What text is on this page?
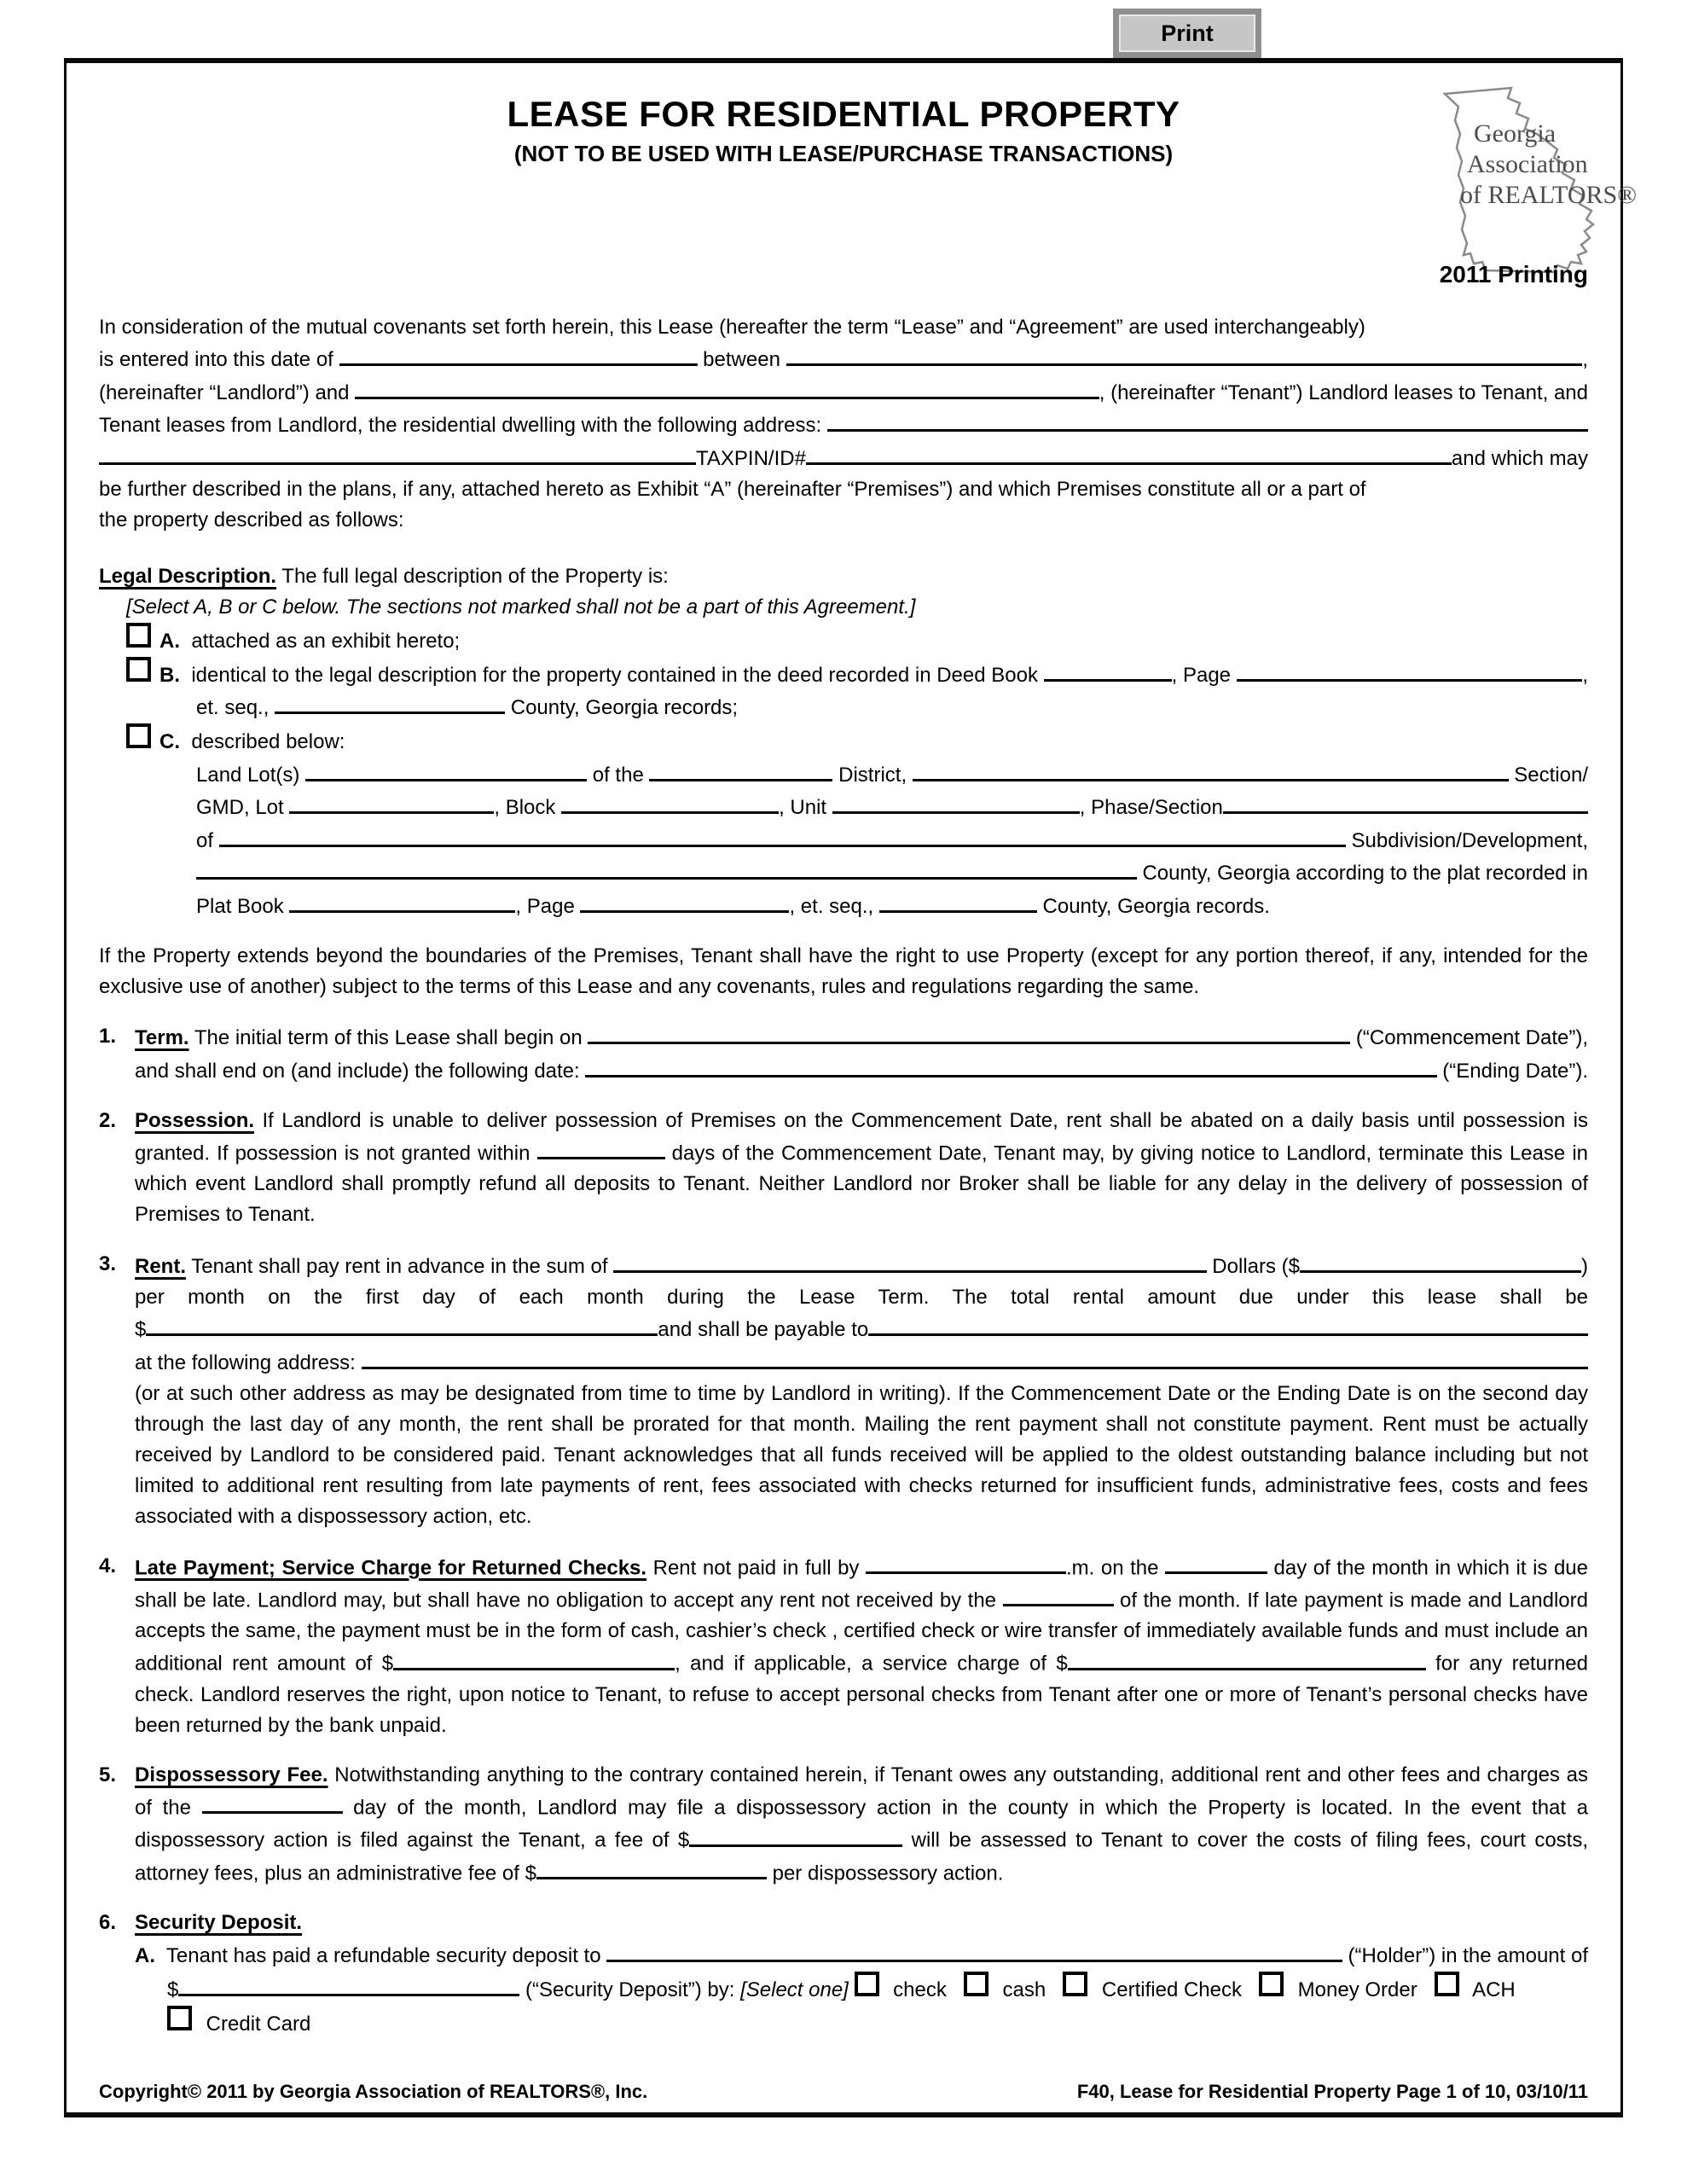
Print
Georgia
Association
of REALTORS®
LEASE FOR RESIDENTIAL PROPERTY
(NOT TO BE USED WITH LEASE/PURCHASE TRANSACTIONS)
2011 Printing
In consideration of the mutual covenants set forth herein, this Lease (hereafter the term “Lease” and “Agreement” are used interchangeably)
is entered into this date of	between	,
(hereinafter “Landlord”) and	, (hereinafter “Tenant”) Landlord leases to Tenant, and
Tenant leases from Landlord, the residential dwelling with the following address:
TAXPIN/ID#	and which may
be further described in the plans, if any, attached hereto as Exhibit “A” (hereinafter “Premises”) and which Premises constitute all or a part of
the property described as follows:
Legal Description. The full legal description of the Property is:
[Select A, B or C below. The sections not marked shall not be a part of this Agreement.]
A. attached as an exhibit hereto;
B. identical to the legal description for the property contained in the deed recorded in Deed Book	, Page	,
et. seq.,	County, Georgia records;
C. described below:
Land Lot(s)	of the	District,	Section/
GMD, Lot	, Block	, Unit	, Phase/Section
of	Subdivision/Development,
County, Georgia according to the plat recorded in
Plat Book	, Page	, et. seq.,	County, Georgia records.
If the Property extends beyond the boundaries of the Premises, Tenant shall have the right to use Property (except for any portion thereof, if any, intended for the exclusive use of another) subject to the terms of this Lease and any covenants, rules and regulations regarding the same.
1. Term. The initial term of this Lease shall begin on	(“Commencement Date”),
and shall end on (and include) the following date:	(“Ending Date”).
2. Possession. If Landlord is unable to deliver possession of Premises on the Commencement Date, rent shall be abated on a daily basis until possession is granted. If possession is not granted within	days of the Commencement Date, Tenant may, by giving notice to Landlord, terminate this Lease in which event Landlord shall promptly refund all deposits to Tenant. Neither Landlord nor Broker shall be liable for any delay in the delivery of possession of Premises to Tenant.
3. Rent. Tenant shall pay rent in advance in the sum of	Dollars ($	)
per month on the first day of each month during the Lease Term. The total rental amount due under this lease shall be
$	and shall be payable to
at the following address:
(or at such other address as may be designated from time to time by Landlord in writing). If the Commencement Date or the Ending Date is on the second day through the last day of any month, the rent shall be prorated for that month. Mailing the rent payment shall not constitute payment. Rent must be actually received by Landlord to be considered paid. Tenant acknowledges that all funds received will be applied to the oldest outstanding balance including but not limited to additional rent resulting from late payments of rent, fees associated with checks returned for insufficient funds, administrative fees, costs and fees associated with a dispossessory action, etc.
4. Late Payment; Service Charge for Returned Checks. Rent not paid in full by	.m. on the	day of the month in which it is due shall be late. Landlord may, but shall have no obligation to accept any rent not received by the	of the month. If late payment is made and Landlord accepts the same, the payment must be in the form of cash, cashier’s check , certified check or wire transfer of immediately available funds and must include an additional rent amount of $	, and if applicable, a service charge of $	for any returned check. Landlord reserves the right, upon notice to Tenant, to refuse to accept personal checks from Tenant after one or more of Tenant’s personal checks have been returned by the bank unpaid.
5. Dispossessory Fee. Notwithstanding anything to the contrary contained herein, if Tenant owes any outstanding, additional rent and other fees and charges as of the	day of the month, Landlord may file a dispossessory action in the county in which the Property is located. In the event that a dispossessory action is filed against the Tenant, a fee of $	will be assessed to Tenant to cover the costs of filing fees, court costs, attorney fees, plus an administrative fee of $	per dispossessory action.
6. Security Deposit.
A. Tenant has paid a refundable security deposit to	(“Holder”) in the amount of
$	(“Security Deposit”) by: [Select one] check cash Certified Check Money Order ACH
Credit Card
Copyright© 2011 by Georgia Association of REALTORS®, Inc.	F40, Lease for Residential Property Page 1 of 10, 03/10/11
